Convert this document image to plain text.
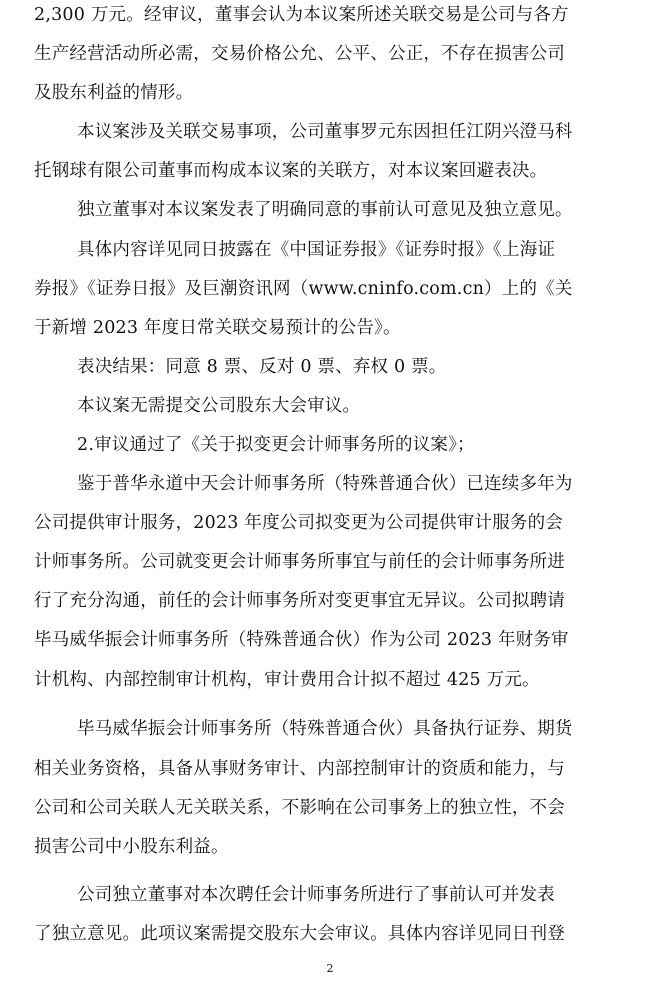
2,300 万元。经审议，董事会认为本议案所述关联交易是公司与各方
生产经营活动所必需，交易价格公允、公平、公正，不存在损害公司
及股东利益的情形。
本议案涉及关联交易事项，公司董事罗元东因担任江阴兴澄马科
托钢球有限公司董事而构成本议案的关联方，对本议案回避表决。
独立董事对本议案发表了明确同意的事前认可意见及独立意见。
具体内容详见同日披露在《中国证券报》《证券时报》《上海证
券报》《证券日报》及巨潮资讯网（www.cninfo.com.cn）上的《关
于新增 2023 年度日常关联交易预计的公告》。
表决结果：同意 8 票、反对 0 票、弃权 0 票。
本议案无需提交公司股东大会审议。
2.审议通过了《关于拟变更会计师事务所的议案》；
鉴于普华永道中天会计师事务所（特殊普通合伙）已连续多年为
公司提供审计服务，2023 年度公司拟变更为公司提供审计服务的会
计师事务所。公司就变更会计师事务所事宜与前任的会计师事务所进
行了充分沟通，前任的会计师事务所对变更事宜无异议。公司拟聘请
毕马威华振会计师事务所（特殊普通合伙）作为公司 2023 年财务审
计机构、内部控制审计机构，审计费用合计拟不超过 425 万元。
毕马威华振会计师事务所（特殊普通合伙）具备执行证券、期货
相关业务资格，具备从事财务审计、内部控制审计的资质和能力，与
公司和公司关联人无关联关系，不影响在公司事务上的独立性，不会
损害公司中小股东利益。
公司独立董事对本次聘任会计师事务所进行了事前认可并发表
了独立意见。此项议案需提交股东大会审议。具体内容详见同日刊登
2
